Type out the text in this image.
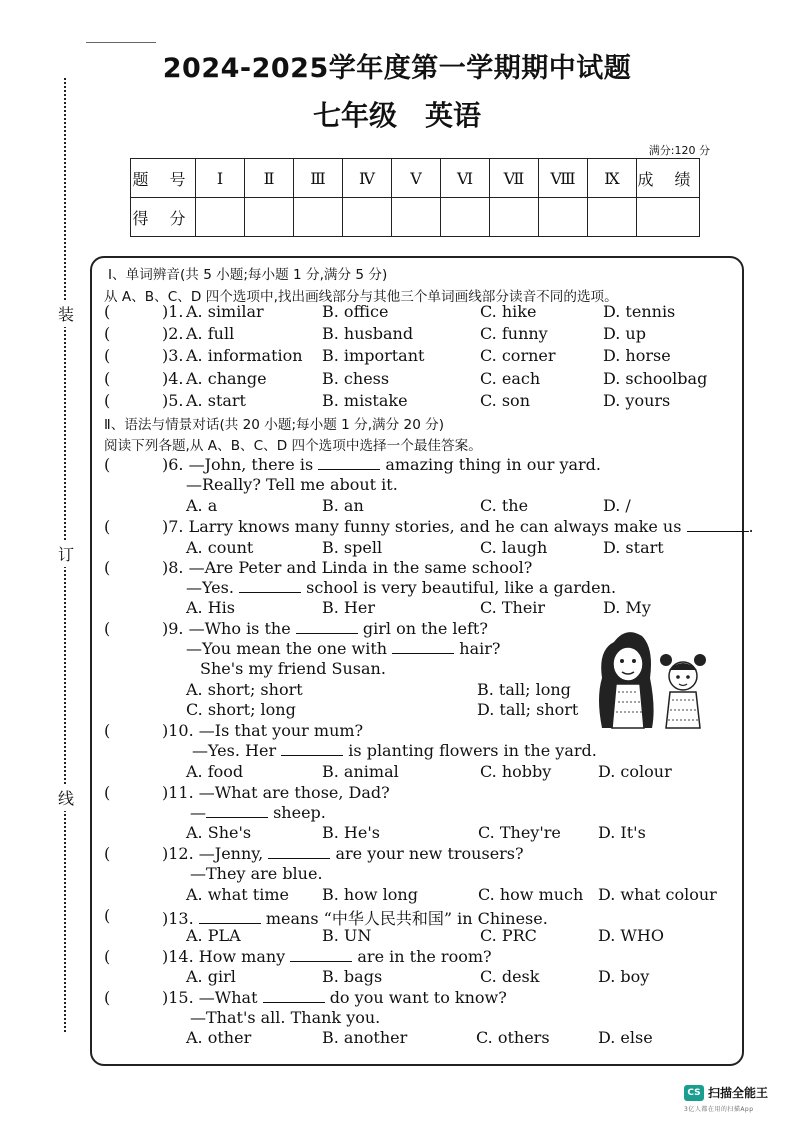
2024-2025学年度第一学期期中试题
七年级　英语
满分:120 分
题 号	Ⅰ	Ⅱ	Ⅲ	Ⅳ	Ⅴ	Ⅵ	Ⅶ	Ⅷ	Ⅸ	成 绩
得 分										
装
订
线
Ⅰ、单词辨音(共 5 小题;每小题 1 分,满分 5 分)
从 A、B、C、D 四个选项中,找出画线部分与其他三个单词画线部分读音不同的选项。
(	)1. A. similar	B. office	C. hike	D. tennis
(	)2. A. full	B. husband	C. funny	D. up
(	)3. A. information B. important	C. corner	D. horse
(	)4. A. change	B. chess	C. each	D. schoolbag
(	)5. A. start	B. mistake	C. son	D. yours
Ⅱ、语法与情景对话(共 20 小题;每小题 1 分,满分 20 分)
阅读下列各题,从 A、B、C、D 四个选项中选择一个最佳答案。
(	)6. —John, there is	amazing thing in our yard.
—Really? Tell me about it.
A. a	B. an	C. the	D. /
(	)7. Larry knows many funny stories, and he can always make us	.
A. count	B. spell	C. laugh	D. start
(	)8. —Are Peter and Linda in the same school?
—Yes.	school is very beautiful, like a garden.
A. His	B. Her	C. Their	D. My
(	)9. —Who is the	girl on the left?
—You mean the one with	hair?
She's my friend Susan.
A. short; short	B. tall; long
C. short; long	D. tall; short
(	)10. —Is that your mum?
—Yes. Her	is planting flowers in the yard.
A. food	B. animal	C. hobby	D. colour
(	)11. —What are those, Dad?
—	sheep.
A. She's	B. He's	C. They're D. It's
(	)12. —Jenny,	are your new trousers?
—They are blue.
A. what time B. how long	C. how much D. what colour
(	)13.	means “中华人民共和国” in Chinese.
A. PLA	B. UN	C. PRC	D. WHO
(	)14. How many	are in the room?
A. girl	B. bags	C. desk	D. boy
(	)15. —What	do you want to know?
—That's all. Thank you.
A. other	B. another	C. others	D. else
CS 扫描全能王
3亿人都在用的扫描App
